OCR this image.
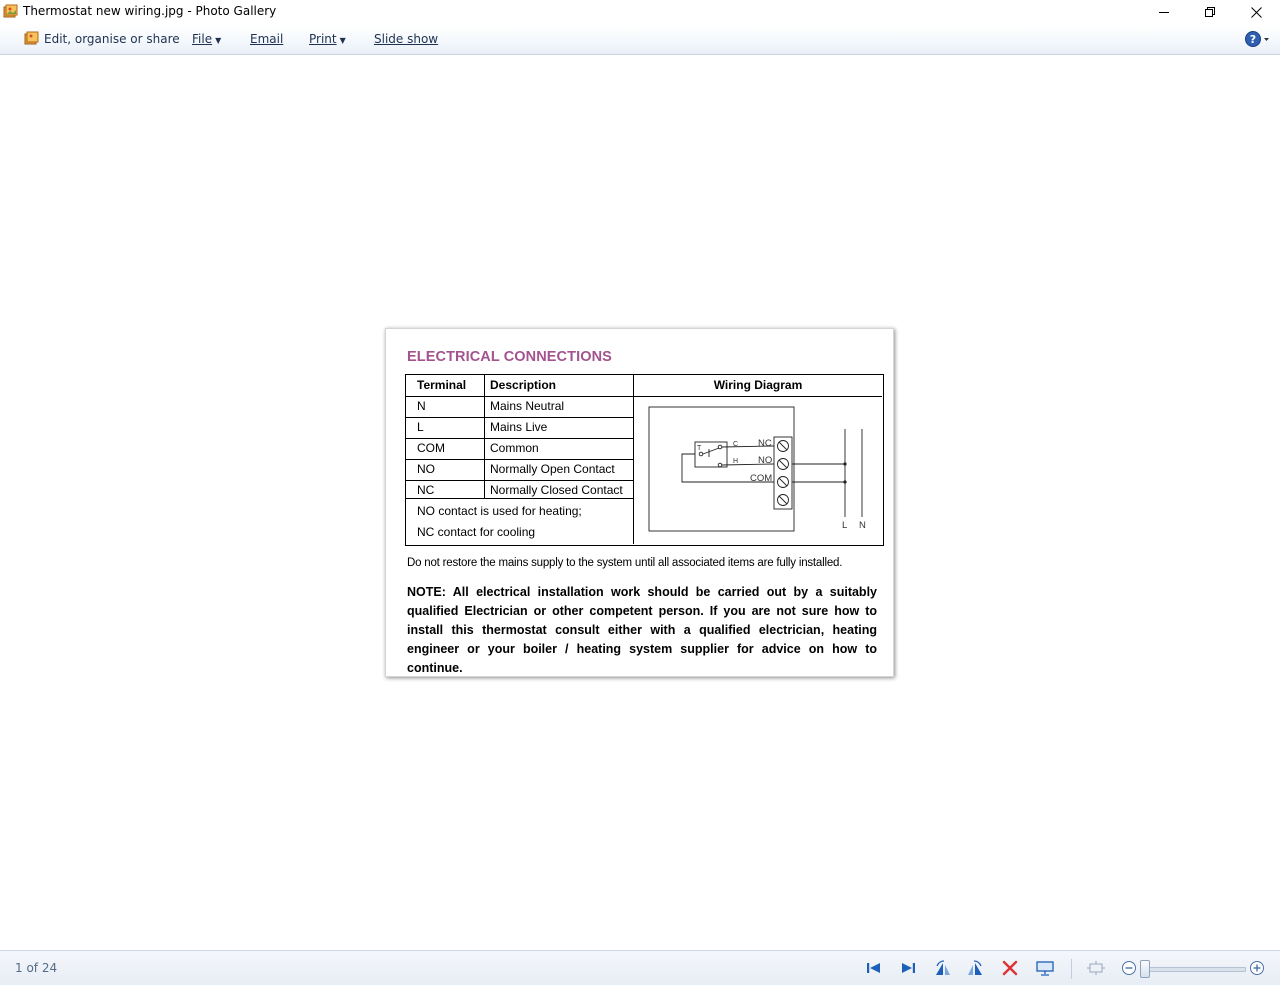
Thermostat new wiring.jpg - Photo Gallery
Edit, organise or share File ▼ Email Print ▼ Slide show	?
ELECTRICAL CONNECTIONS
Terminal Description	Wiring Diagram
N	Mains Neutral
L	Mains Live
COM	Common
NO	Normally Open Contact
NC	Normally Closed Contact
NO contact is used for heating;
NC contact for cooling
NC
NO
COM
C
H
T
L N
Do not restore the mains supply to the system until all associated items are fully installed.
NOTE: All electrical installation work should be carried out by a suitably qualified Electrician or other competent person. If you are not sure how to install this thermostat consult either with a qualified electrician, heating engineer or your boiler / heating system supplier for advice on how to continue.
1 of 24
